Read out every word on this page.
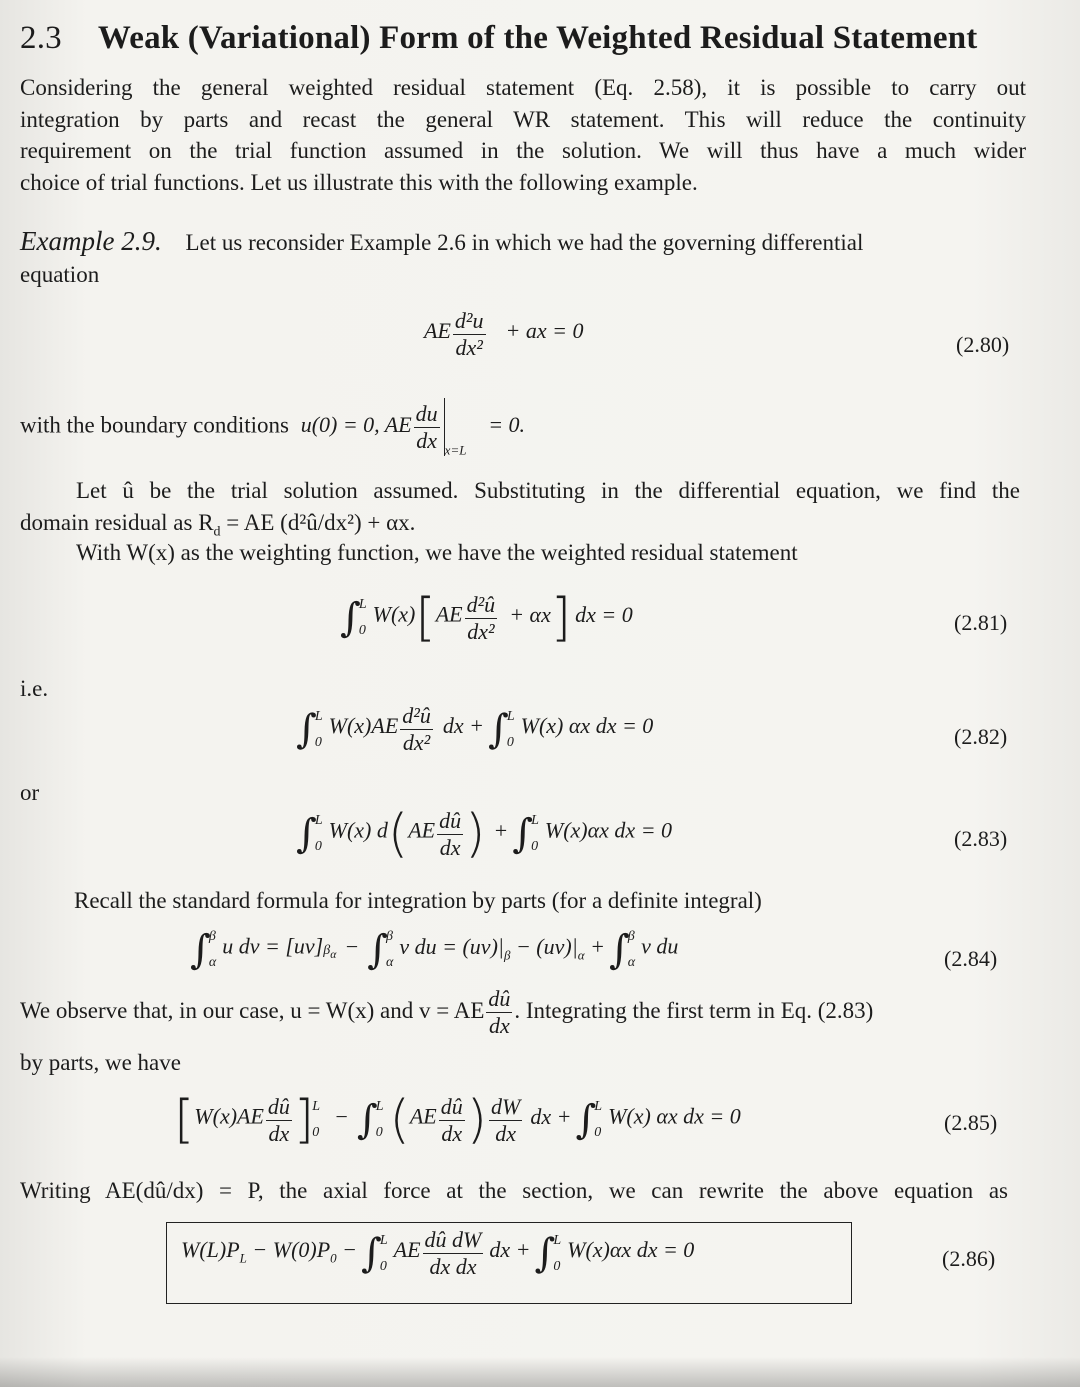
2.3 Weak (Variational) Form of the Weighted Residual Statement
Considering the general weighted residual statement (Eq. 2.58), it is possible to carry out
integration by parts and recast the general WR statement. This will reduce the continuity
requirement on the trial function assumed in the solution. We will thus have a much wider
choice of trial functions. Let us illustrate this with the following example.
Example 2.9. Let us reconsider Example 2.6 in which we had the governing differential
equation
AE $\frac{\text{d²u}}{\text{dx²}}$ + ax = 0
(2.80)
with the boundary conditions u(0) = 0, AE $\frac{du}{dx} _{x=L} = 0$.
Let û be the trial solution assumed. Substituting in the differential equation, we find the
domain residual as $R_d$ = AE (d²û/dx²) + αx.
With W(x) as the weighting function, we have the weighted residual statement
∫
L
0
$W(x)[AE \frac{\text{d²û}}{\text{dx²}} + \alpha x]$ dx = 0	(2.81)
i.e.
∫
L
0
$W(x)AE \frac{\text{d²û}}{\text{dx²}}$ dx + ∫
L
0
W(x) αx dx = 0	(2.82)
or
∫
L
0
W(x) $d(AE \frac{dû}{dx}$ ) + ∫
L
0
W(x)αx dx = 0	(2.83)
Recall the standard formula for integration by parts (for a definite integral)
∫
β
α
u dv = $[uv]\beta_\alpha$ − ∫
β
α
v du = $(uv)|_\beta - (uv)|_\alpha$ + ∫
β
α
v du	(2.84)
We observe that, in our case, u = W(x) and v = AE $\frac{dû}{dx}$ . Integrating the first term in Eq. (2.83)
by parts, we have
[$W(x)AE \frac{dû}{dx}$ ]
L
0
− ∫
L
0 ($AE \frac{dû}{dx}$ ) $\frac{dW}{dx}$ dx + ∫
L
0
W(x) αx dx = 0	(2.85)
Writing AE(dû/dx) = P, the axial force at the section, we can rewrite the above equation as
$W(L)P_L - W(0)P_0$ − ∫
L
0
AE $\frac{\text{dû dW}}{\text{dx dx}}$ dx + ∫
L
0
W(x)αx dx = 0	(2.86)
